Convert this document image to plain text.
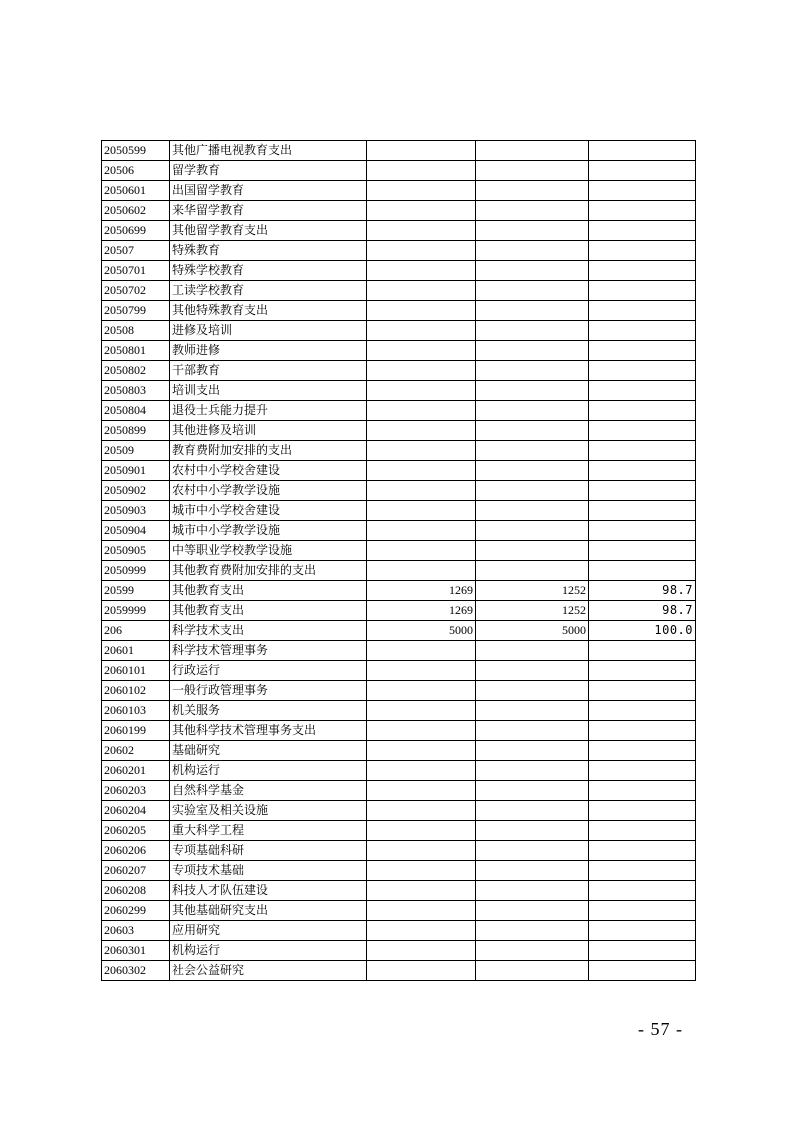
2050599	其他广播电视教育支出			
20506	留学教育			
2050601	出国留学教育			
2050602	来华留学教育			
2050699	其他留学教育支出			
20507	特殊教育			
2050701	特殊学校教育			
2050702	工读学校教育			
2050799	其他特殊教育支出			
20508	进修及培训			
2050801	教师进修			
2050802	干部教育			
2050803	培训支出			
2050804	退役士兵能力提升			
2050899	其他进修及培训			
20509	教育费附加安排的支出			
2050901	农村中小学校舍建设			
2050902	农村中小学教学设施			
2050903	城市中小学校舍建设			
2050904	城市中小学教学设施			
2050905	中等职业学校教学设施			
2050999	其他教育费附加安排的支出			
20599	其他教育支出	1269	1252	98.7
2059999	其他教育支出	1269	1252	98.7
206	科学技术支出	5000	5000	100.0
20601	科学技术管理事务			
2060101	行政运行			
2060102	一般行政管理事务			
2060103	机关服务			
2060199	其他科学技术管理事务支出			
20602	基础研究			
2060201	机构运行			
2060203	自然科学基金			
2060204	实验室及相关设施			
2060205	重大科学工程			
2060206	专项基础科研			
2060207	专项技术基础			
2060208	科技人才队伍建设			
2060299	其他基础研究支出			
20603	应用研究			
2060301	机构运行			
2060302	社会公益研究			
- 57 -
